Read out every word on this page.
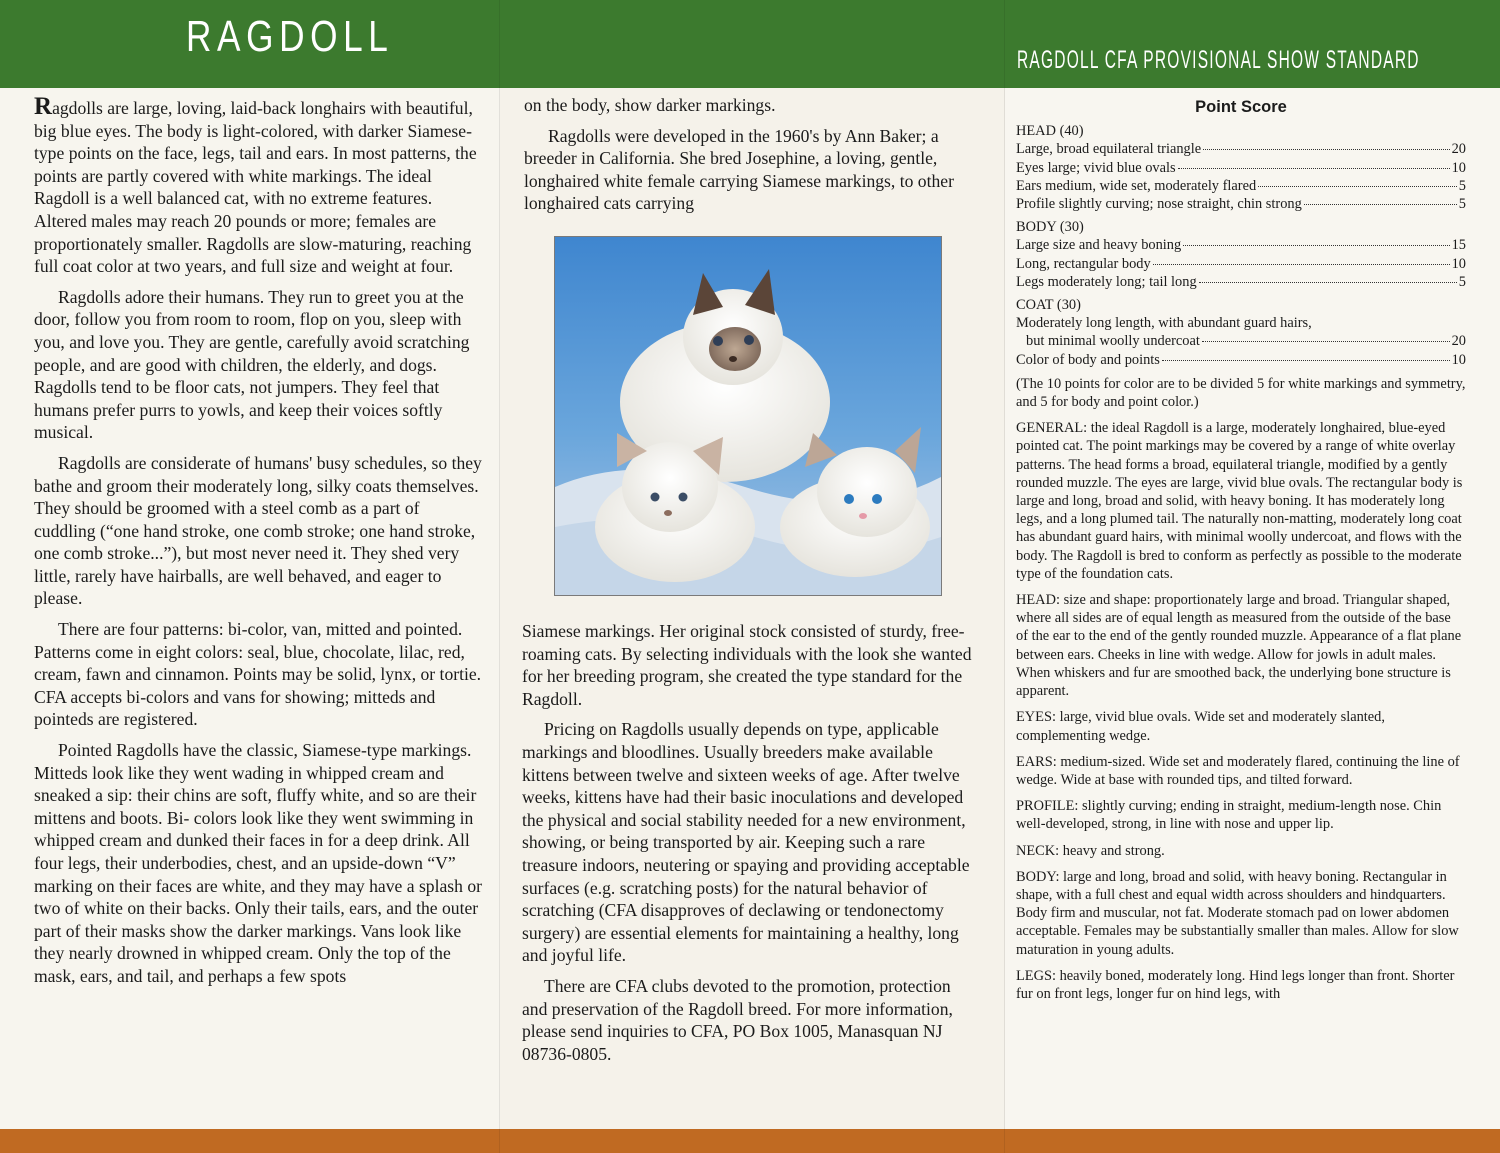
RAGDOLL

Ragdolls are large, loving, laid-back longhairs with beautiful, big blue eyes. The body is light-colored, with darker Siamese-type points on the face, legs, tail and ears. In most patterns, the points are partly covered with white markings. The ideal Ragdoll is a well balanced cat, with no extreme features. Altered males may reach 20 pounds or more; females are proportionately smaller. Ragdolls are slow-maturing, reaching full coat color at two years, and full size and weight at four.

Ragdolls adore their humans. They run to greet you at the door, follow you from room to room, flop on you, sleep with you, and love you. They are gentle, carefully avoid scratching people, and are good with children, the elderly, and dogs. Ragdolls tend to be floor cats, not jumpers. They feel that humans prefer purrs to yowls, and keep their voices softly musical.

Ragdolls are considerate of humans' busy schedules, so they bathe and groom their moderately long, silky coats themselves. They should be groomed with a steel comb as a part of cuddling (“one hand stroke, one comb stroke; one hand stroke, one comb stroke...”), but most never need it. They shed very little, rarely have hairballs, are well behaved, and eager to please.

There are four patterns: bi-color, van, mitted and pointed. Patterns come in eight colors: seal, blue, chocolate, lilac, red, cream, fawn and cinnamon. Points may be solid, lynx, or tortie. CFA accepts bi-colors and vans for showing; mitteds and pointeds are registered.

Pointed Ragdolls have the classic, Siamese-type markings. Mitteds look like they went wading in whipped cream and sneaked a sip: their chins are soft, fluffy white, and so are their mittens and boots. Bi- colors look like they went swimming in whipped cream and dunked their faces in for a deep drink. All four legs, their underbodies, chest, and an upside-down “V” marking on their faces are white, and they may have a splash or two of white on their backs. Only their tails, ears, and the outer part of their masks show the darker markings. Vans look like they nearly drowned in whipped cream. Only the top of the mask, ears, and tail, and perhaps a few spots

on the body, show darker markings.

Ragdolls were developed in the 1960's by Ann Baker; a breeder in California. She bred Josephine, a loving, gentle, longhaired white female carrying Siamese markings, to other longhaired cats carrying

Siamese markings. Her original stock consisted of sturdy, free-roaming cats. By selecting individuals with the look she wanted for her breeding program, she created the type standard for the Ragdoll.

Pricing on Ragdolls usually depends on type, applicable markings and bloodlines. Usually breeders make available kittens between twelve and sixteen weeks of age. After twelve weeks, kittens have had their basic inoculations and developed the physical and social stability needed for a new environment, showing, or being transported by air. Keeping such a rare treasure indoors, neutering or spaying and providing acceptable surfaces (e.g. scratching posts) for the natural behavior of scratching (CFA disapproves of declawing or tendonectomy surgery) are essential elements for maintaining a healthy, long and joyful life.

There are CFA clubs devoted to the promotion, protection and preservation of the Ragdoll breed. For more information, please send inquiries to CFA, PO Box 1005, Manasquan NJ 08736-0805.

RAGDOLL CFA PROVISIONAL SHOW STANDARD
Point Score
HEAD (40)
Large, broad equilateral triangle	20
Eyes large; vivid blue ovals	10
Ears medium, wide set, moderately flared	5
Profile slightly curving; nose straight, chin strong	5
BODY (30)
Large size and heavy boning	15
Long, rectangular body	10
Legs moderately long; tail long	5
COAT (30)
Moderately long length, with abundant guard hairs,
but minimal woolly undercoat	20
Color of body and points	10

(The 10 points for color are to be divided 5 for white markings and symmetry, and 5 for body and point color.)

GENERAL: the ideal Ragdoll is a large, moderately longhaired, blue-eyed pointed cat. The point markings may be covered by a range of white overlay patterns. The head forms a broad, equilateral triangle, modified by a gently rounded muzzle. The eyes are large, vivid blue ovals. The rectangular body is large and long, broad and solid, with heavy boning. It has moderately long legs, and a long plumed tail. The naturally non-matting, moderately long coat has abundant guard hairs, with minimal woolly undercoat, and flows with the body. The Ragdoll is bred to conform as perfectly as possible to the moderate type of the foundation cats.

HEAD: size and shape: proportionately large and broad. Triangular shaped, where all sides are of equal length as measured from the outside of the base of the ear to the end of the gently rounded muzzle. Appearance of a flat plane between ears. Cheeks in line with wedge. Allow for jowls in adult males. When whiskers and fur are smoothed back, the underlying bone structure is apparent.

EYES: large, vivid blue ovals. Wide set and moderately slanted, complementing wedge.

EARS: medium-sized. Wide set and moderately flared, continuing the line of wedge. Wide at base with rounded tips, and tilted forward.

PROFILE: slightly curving; ending in straight, medium-length nose. Chin well-developed, strong, in line with nose and upper lip.

NECK: heavy and strong.

BODY: large and long, broad and solid, with heavy boning. Rectangular in shape, with a full chest and equal width across shoulders and hindquarters. Body firm and muscular, not fat. Moderate stomach pad on lower abdomen acceptable. Females may be substantially smaller than males. Allow for slow maturation in young adults.

LEGS: heavily boned, moderately long. Hind legs longer than front. Shorter fur on front legs, longer fur on hind legs, with
